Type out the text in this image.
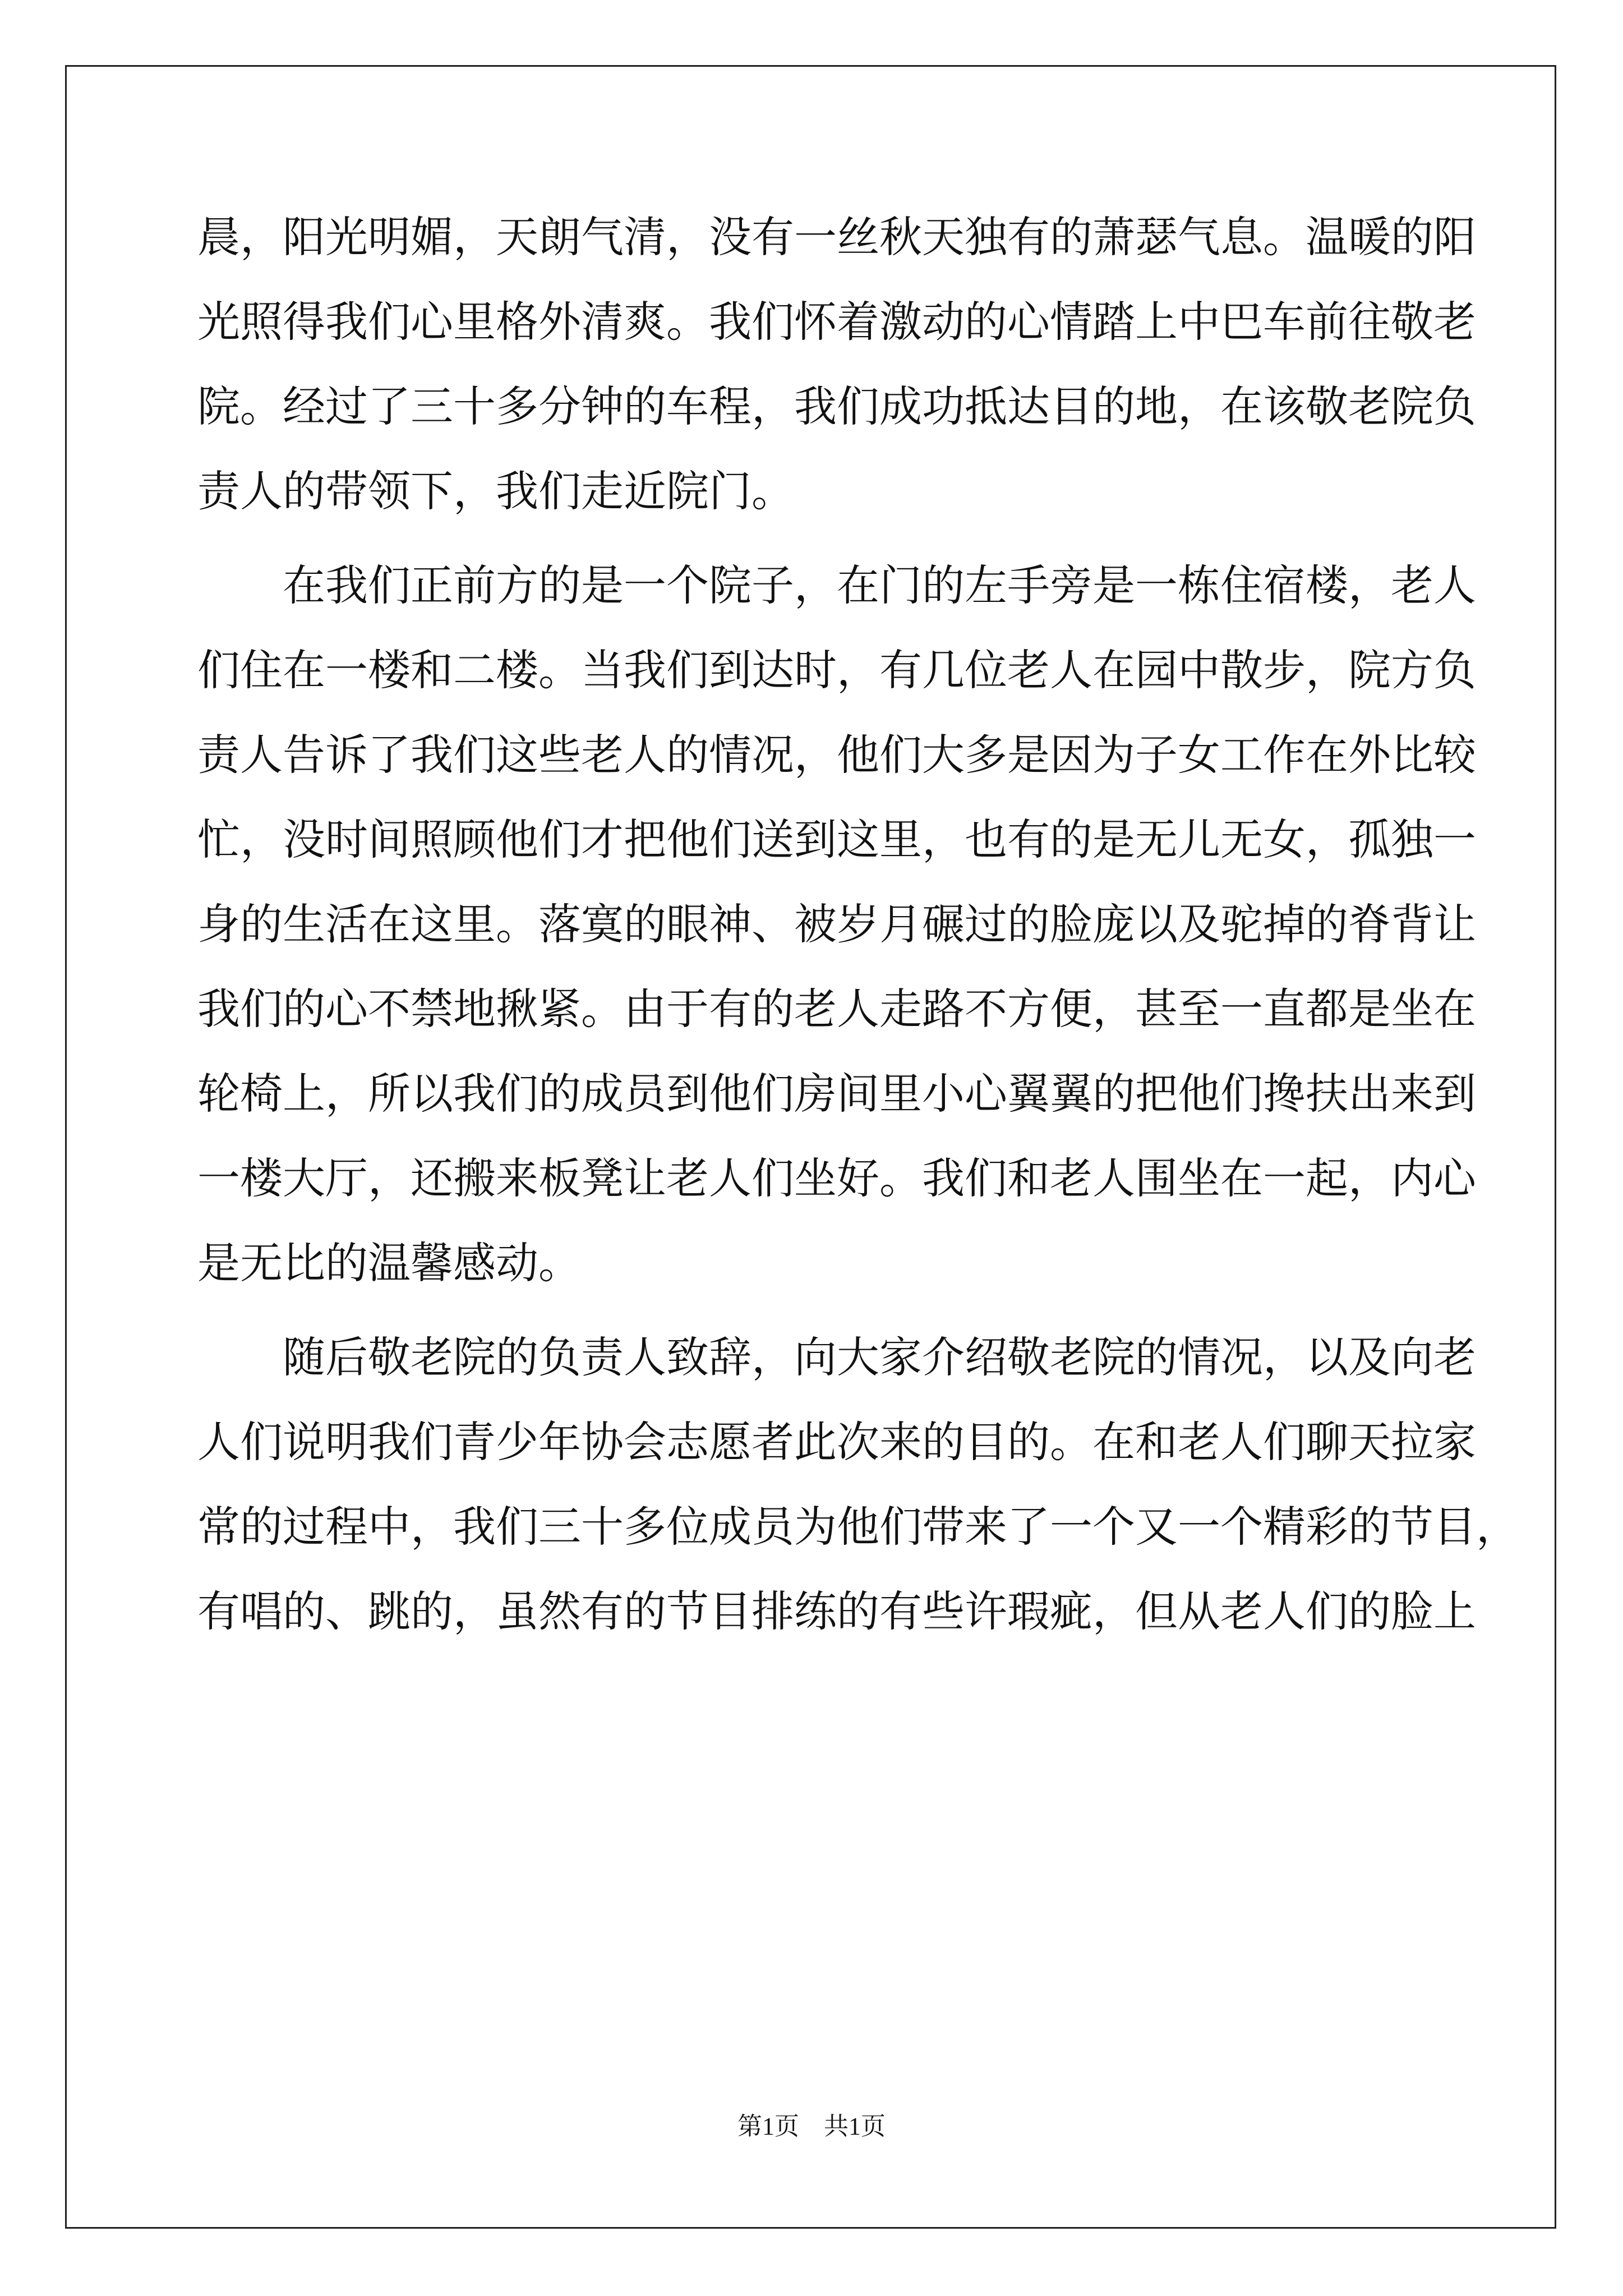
晨 ， 阳 光 明 媚 ， 天 朗 气 清 ， 没 有 一 丝 秋 天 独 有 的 萧 瑟 气 息 。 温 暖 的 阳
光 照 得 我 们 心 里 格 外 清 爽 。 我 们 怀 着 激 动 的 心 情 踏 上 中 巴 车 前 往 敬 老
院 。 经 过 了 三 十 多 分 钟 的 车 程 ， 我 们 成 功 抵 达 目 的 地 ， 在 该 敬 老 院 负
责 人 的 带 领 下 ， 我 们 走 近 院 门 。

在 我 们 正 前 方 的 是 一 个 院 子 ， 在 门 的 左 手 旁 是 一 栋 住 宿 楼 ， 老 人
们 住 在 一 楼 和 二 楼 。 当 我 们 到 达 时 ， 有 几 位 老 人 在 园 中 散 步 ， 院 方 负
责 人 告 诉 了 我 们 这 些 老 人 的 情 况 ， 他 们 大 多 是 因 为 子 女 工 作 在 外 比 较
忙 ， 没 时 间 照 顾 他 们 才 把 他 们 送 到 这 里 ， 也 有 的 是 无 儿 无 女 ， 孤 独 一
身 的 生 活 在 这 里 。 落 寞 的 眼 神 、 被 岁 月 碾 过 的 脸 庞 以 及 驼 掉 的 脊 背 让
我 们 的 心 不 禁 地 揪 紧 。 由 于 有 的 老 人 走 路 不 方 便 ， 甚 至 一 直 都 是 坐 在
轮 椅 上 ， 所 以 我 们 的 成 员 到 他 们 房 间 里 小 心 翼 翼 的 把 他 们 搀 扶 出 来 到
一 楼 大 厅 ， 还 搬 来 板 凳 让 老 人 们 坐 好 。 我 们 和 老 人 围 坐 在 一 起 ， 内 心
是 无 比 的 温 馨 感 动 。

随 后 敬 老 院 的 负 责 人 致 辞 ， 向 大 家 介 绍 敬 老 院 的 情 况 ， 以 及 向 老
人 们 说 明 我 们 青 少 年 协 会 志 愿 者 此 次 来 的 目 的 。 在 和 老 人 们 聊 天 拉 家
常 的 过 程 中 ， 我 们 三 十 多 位 成 员 为 他 们 带 来 了 一 个 又 一 个 精 彩 的 节 目 ，
有 唱 的 、 跳 的 ， 虽 然 有 的 节 目 排 练 的 有 些 许 瑕 疵 ， 但 从 老 人 们 的 脸 上
第1页　共1页
